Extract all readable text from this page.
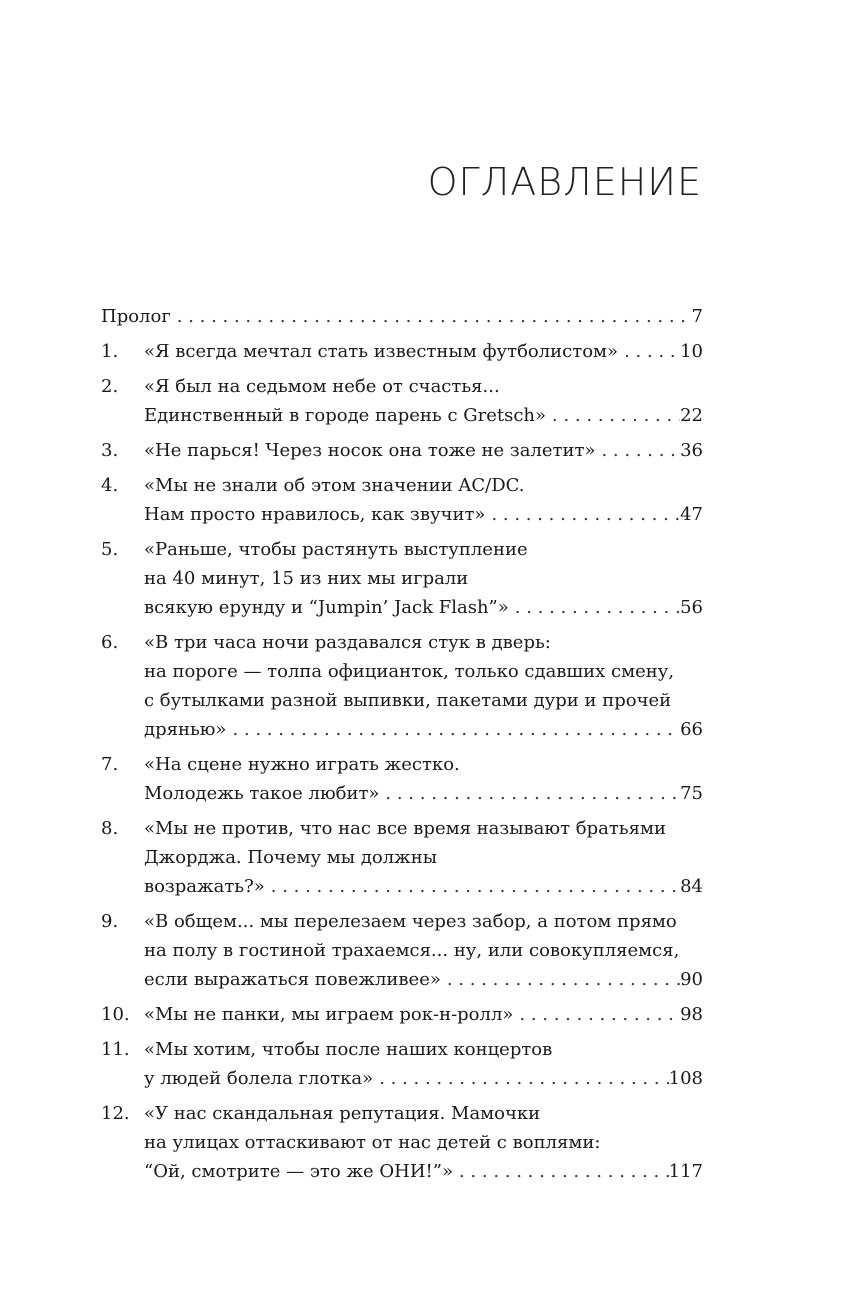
ОГЛАВЛЕНИЕ
Пролог . . .	7
1.	«Я всегда мечтал стать известным футболистом» . . .	10
2.	«Я был на седьмом небе от счастья...
Единственный в городе парень с Gretsch» . . .	22
3.	«Не парься! Через носок она тоже не залетит» . . .	36
4.	«Мы не знали об этом значении AC/DC.
Нам просто нравилось, как звучит» . . .	47
5.	«Раньше, чтобы растянуть выступление
на 40 минут, 15 из них мы играли
всякую ерунду и “Jumpin’ Jack Flash”» . . .	56
6.	«В три часа ночи раздавался стук в дверь:
на пороге — толпа официанток, только сдавших смену,
с бутылками разной выпивки, пакетами дури и прочей
дрянью» . . .	66
7.	«На сцене нужно играть жестко.
Молодежь такое любит» . . .	75
8.	«Мы не против, что нас все время называют братьями
Джорджа. Почему мы должны
возражать?» . . .	84
9.	«В общем... мы перелезаем через забор, а потом прямо
на полу в гостиной трахаемся... ну, или совокупляемся,
если выражаться повежливее» . . .	90
10. «Мы не панки, мы играем рок-н-ролл» . . .	98
11. «Мы хотим, чтобы после наших концертов
у людей болела глотка» . . .	108
12. «У нас скандальная репутация. Мамочки
на улицах оттаскивают от нас детей с воплями:
“Ой, смотрите — это же ОНИ!”» . . .	117
